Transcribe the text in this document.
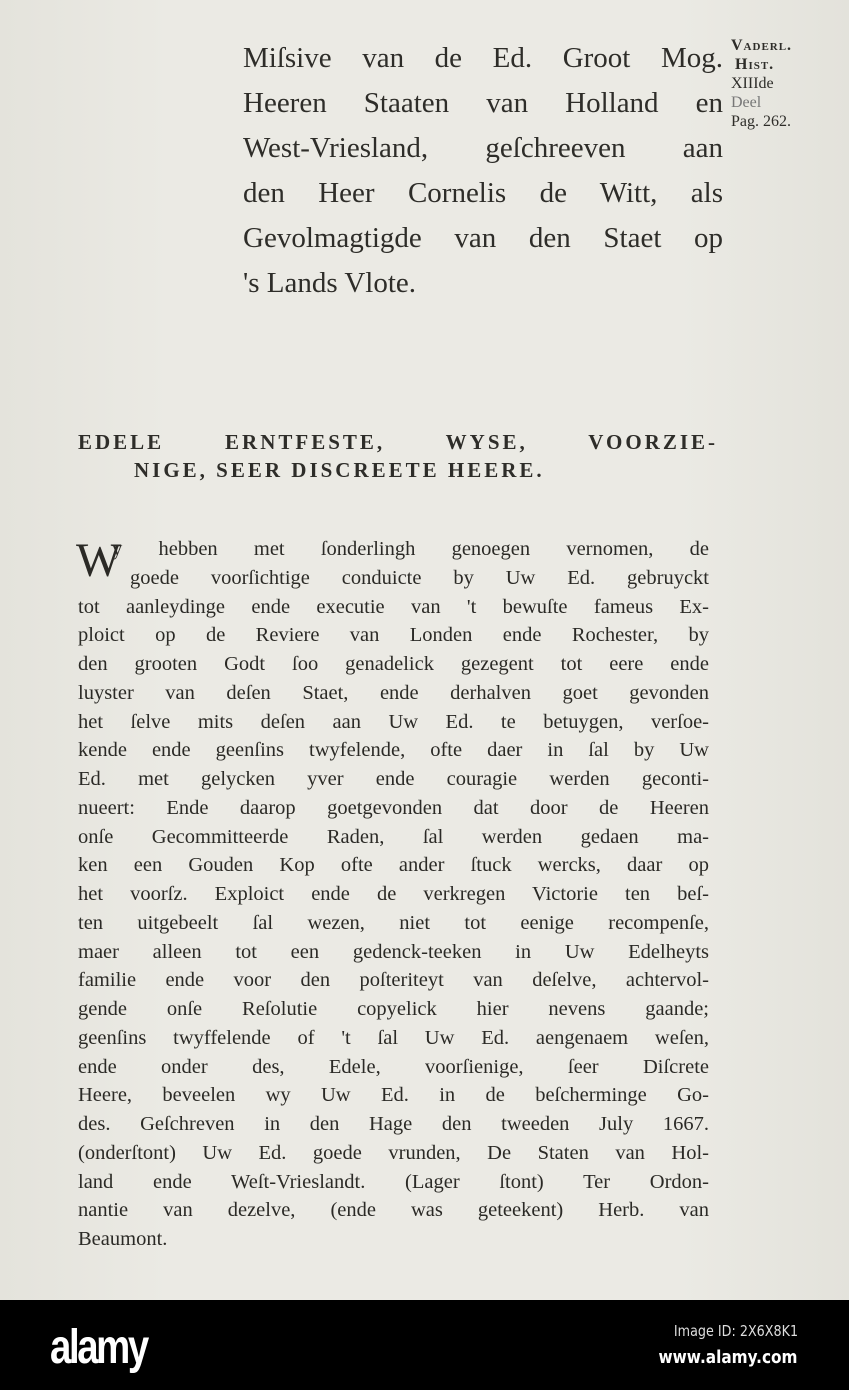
Miſsive van de Ed. Groot Mog.
Heeren Staaten van Holland en
West-Vriesland, geſchreeven aan
den Heer Cornelis de Witt, als
Gevolmagtigde van den Staet op
's Lands Vlote.
Vaderl.
Hist.
XIIIde
Deel
Pag. 262.
EDELE ERNTFESTE, WYSE, VOORZIE-
NIGE, SEER DISCREETE HEERE.
W
y hebben met ſonderlingh genoegen vernomen, de
goede voorſichtige conduicte by Uw Ed. gebruyckt
tot aanleydinge ende executie van 't bewuſte fameus Ex-
ploict op de Reviere van Londen ende Rochester, by
den grooten Godt ſoo genadelick gezegent tot eere ende
luyster van deſen Staet, ende derhalven goet gevonden
het ſelve mits deſen aan Uw Ed. te betuygen, verſoe-
kende ende geenſins twyfelende, ofte daer in ſal by Uw
Ed. met gelycken yver ende couragie werden geconti-
nueert: Ende daarop goetgevonden dat door de Heeren
onſe Gecommitteerde Raden, ſal werden gedaen ma-
ken een Gouden Kop ofte ander ſtuck wercks, daar op
het voorſz. Exploict ende de verkregen Victorie ten beſ-
ten uitgebeelt ſal wezen, niet tot eenige recompenſe,
maer alleen tot een gedenck-teeken in Uw Edelheyts
familie ende voor den poſteriteyt van deſelve, achtervol-
gende onſe Reſolutie copyelick hier nevens gaande;
geenſins twyffelende of 't ſal Uw Ed. aengenaem weſen,
ende onder des, Edele, voorſienige, ſeer Diſcrete
Heere, beveelen wy Uw Ed. in de beſcherminge Go-
des. Geſchreven in den Hage den tweeden July 1667.
(onderſtont) Uw Ed. goede vrunden, De Staten van Hol-
land ende Weſt-Vrieslandt. (Lager ſtont) Ter Ordon-
nantie van dezelve, (ende was geteekent) Herb. van
Beaumont.
alamy	Image ID: 2X6X8K1
www.alamy.com
